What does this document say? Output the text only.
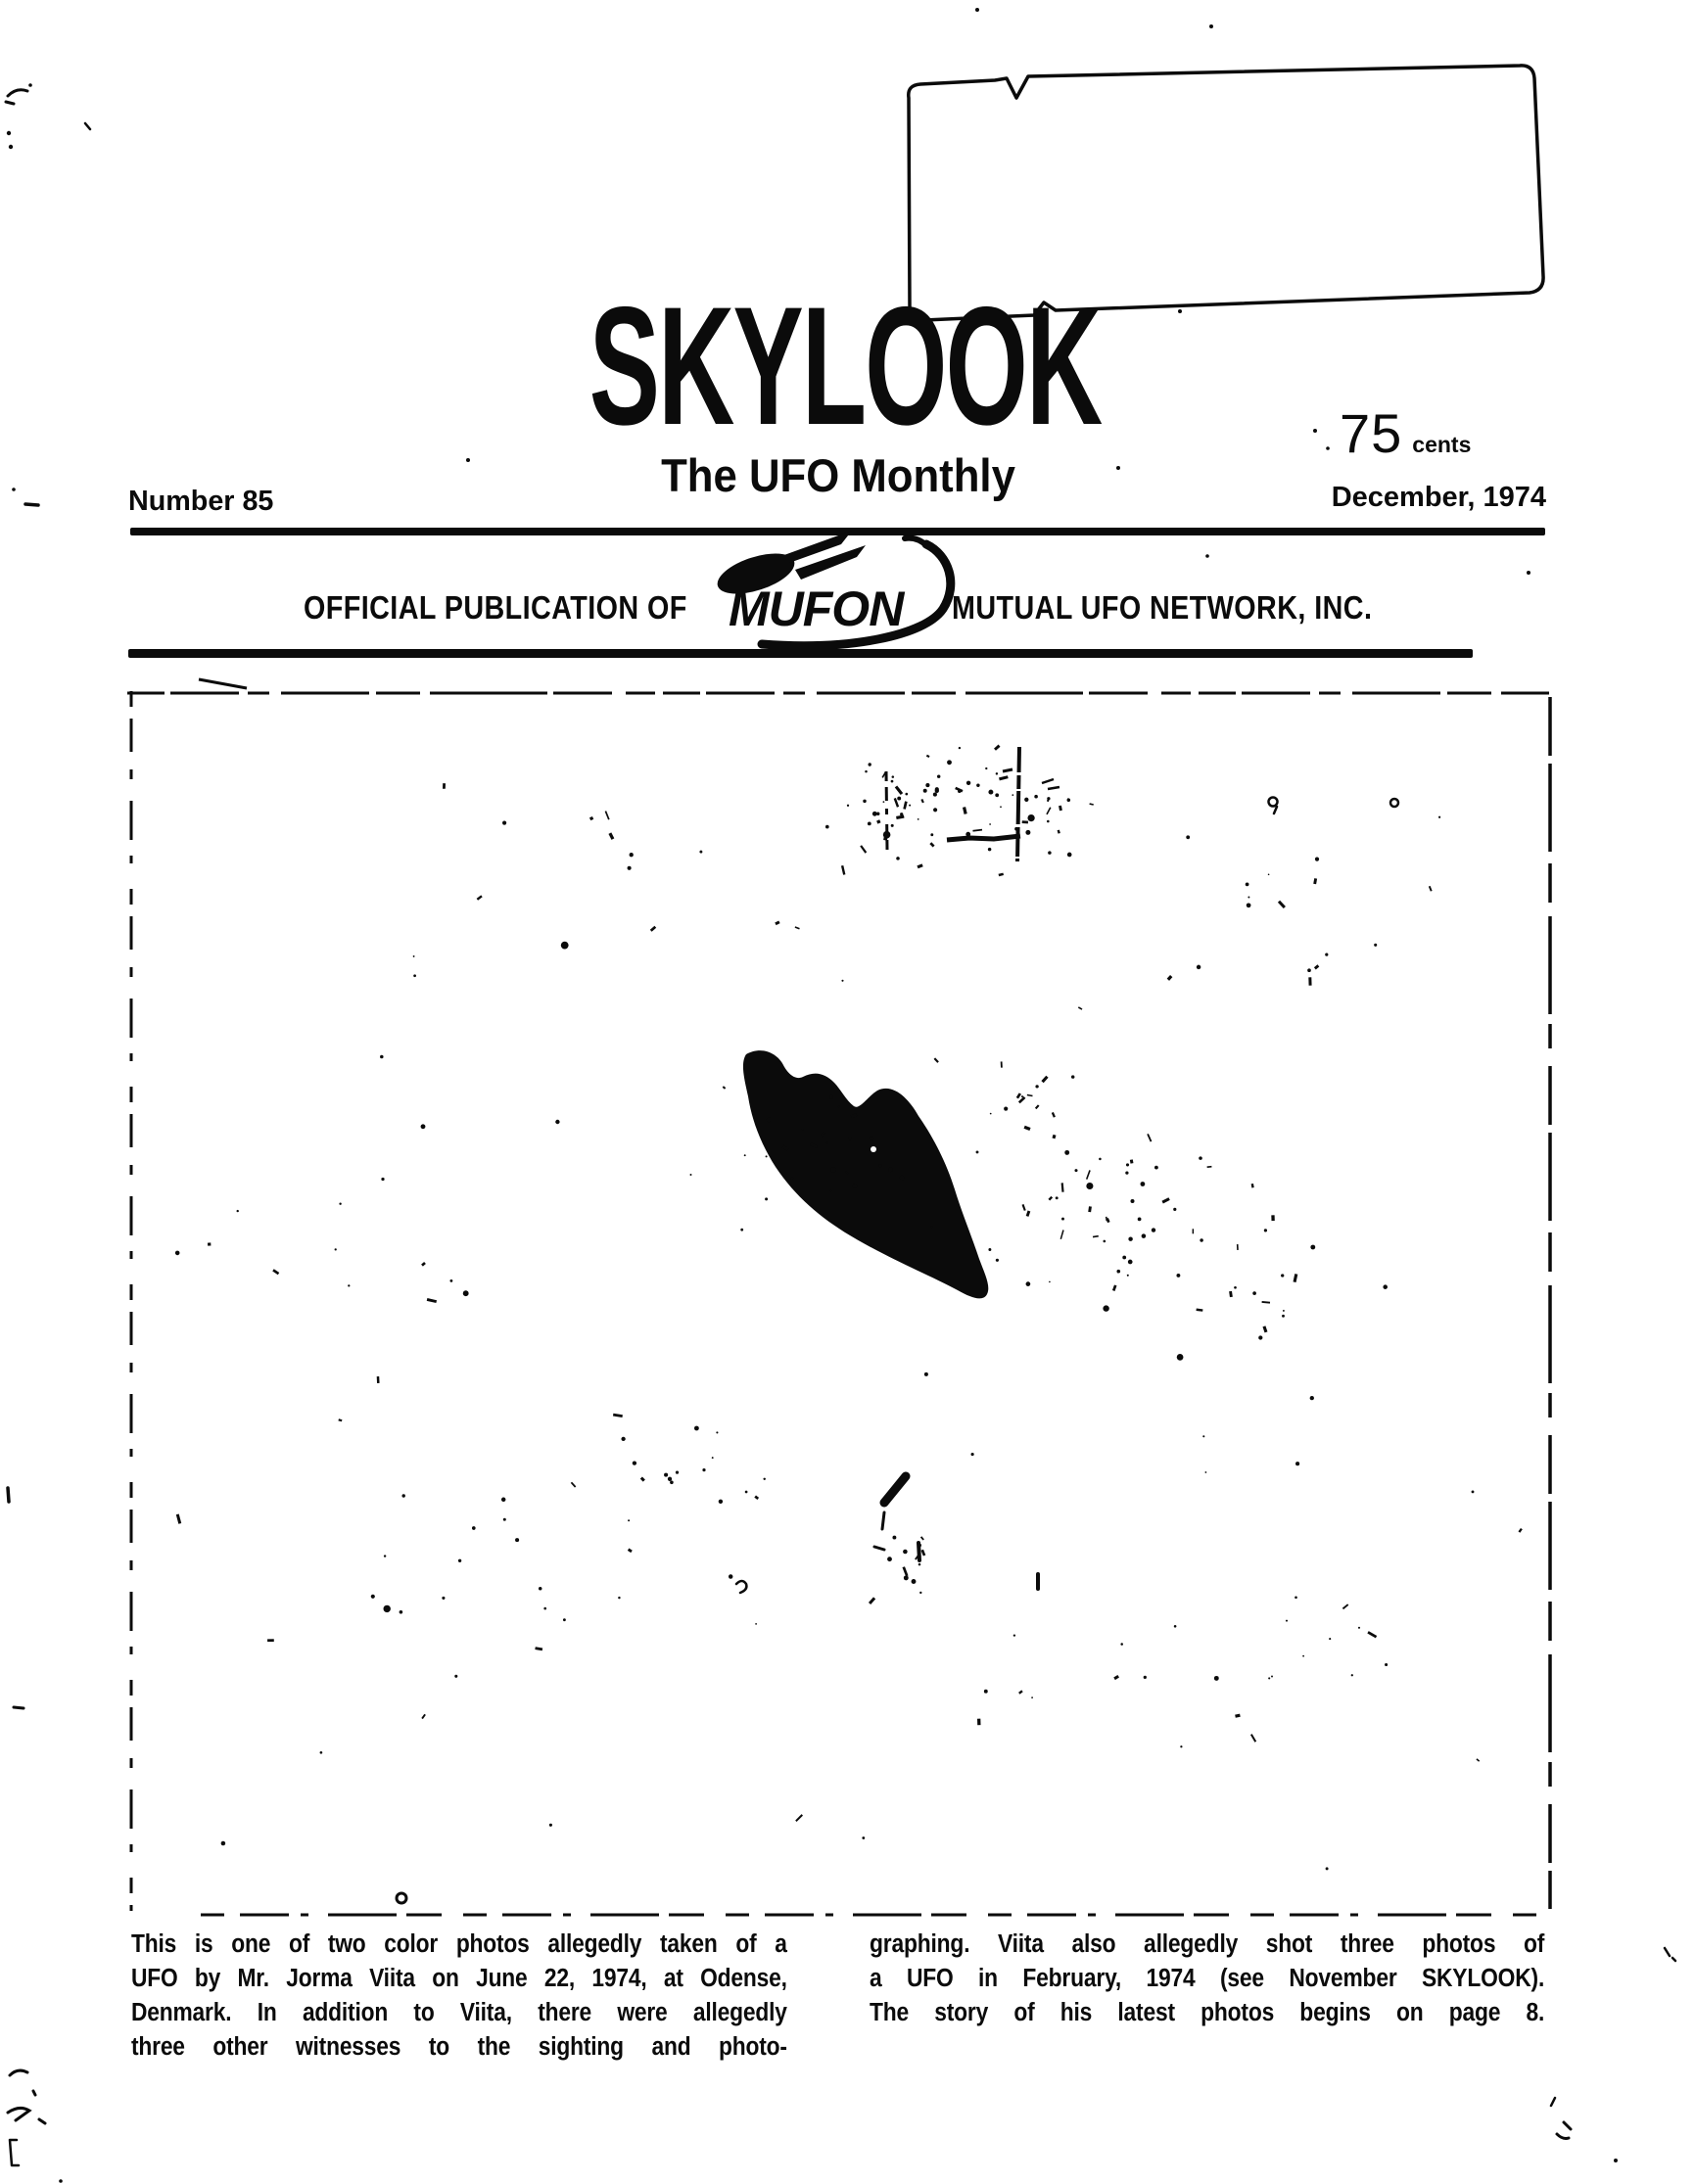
SKYLOOK
The UFO Monthly
Number 85
75 cents
December, 1974
OFFICIAL PUBLICATION OF MUFON MUTUAL UFO NETWORK, INC.
This is one of two color photos allegedly taken of a
UFO by Mr. Jorma Viita on June 22, 1974, at Odense,
Denmark. In addition to Viita, there were allegedly
three other witnesses to the sighting and photo-
graphing. Viita also allegedly shot three photos of
a UFO in February, 1974 (see November SKYLOOK).
The story of his latest photos begins on page 8.
